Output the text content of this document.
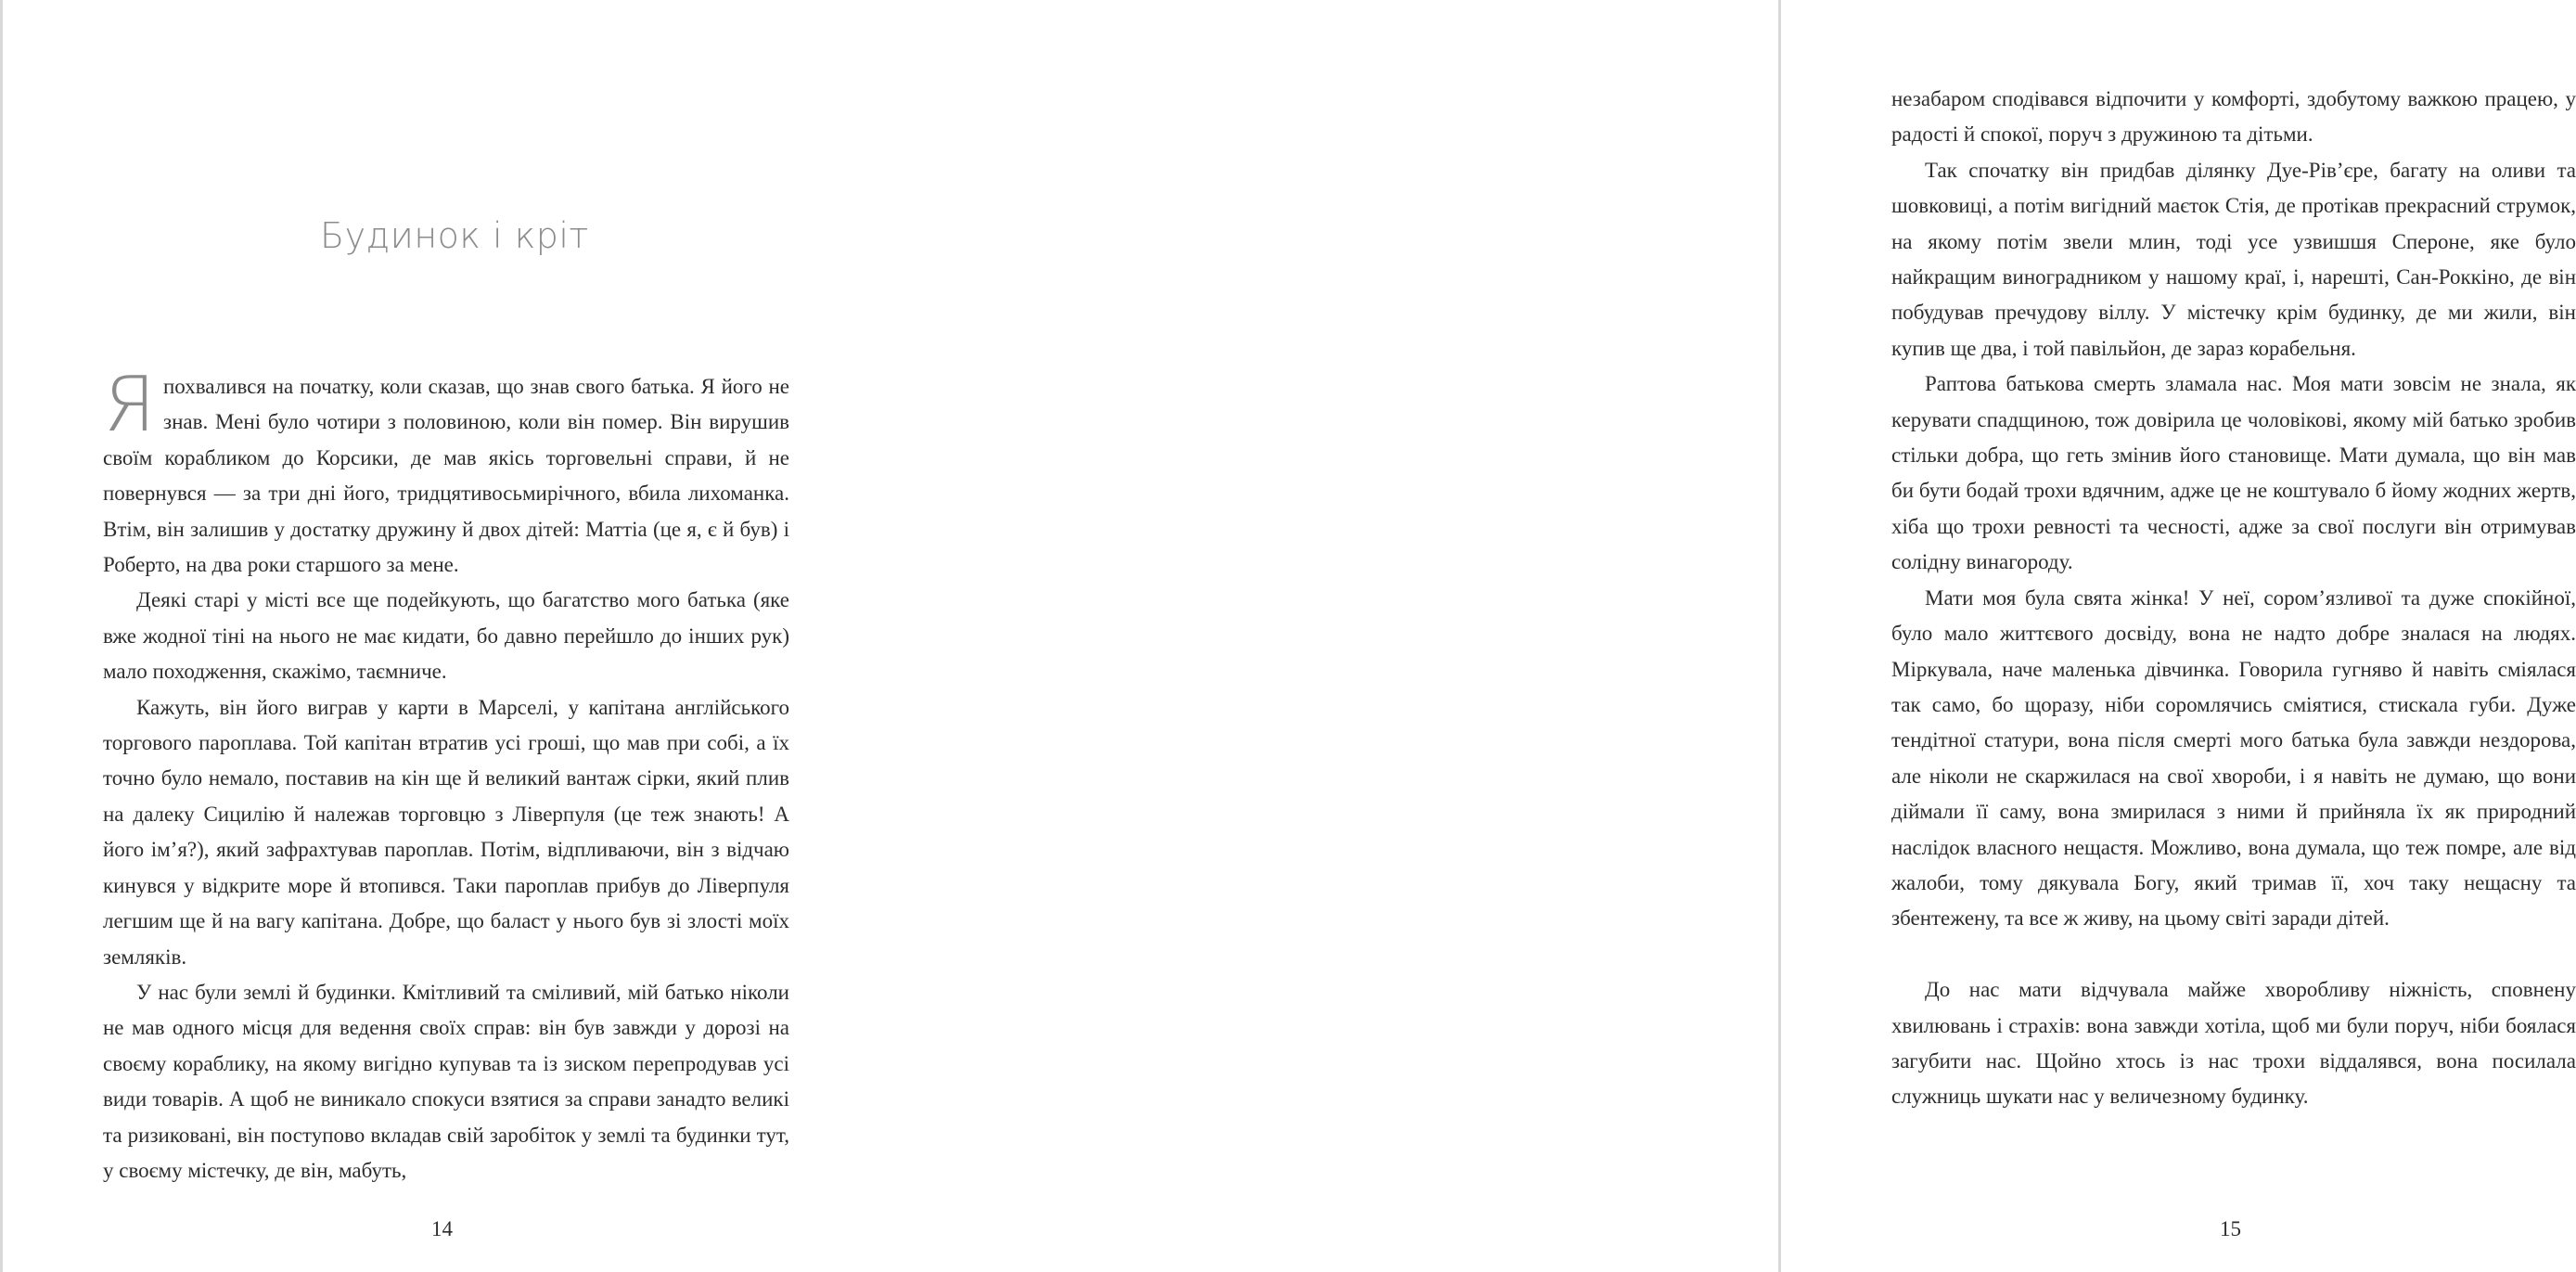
Будинок і кріт

Я похвалився на початку, коли сказав, що знав свого батька. Я його не знав. Мені було чотири з половиною, коли він помер. Він вирушив своїм корабликом до Корсики, де мав якісь торговельні справи, й не повернувся — за три дні його, тридцятивосьмирічного, вбила лихоманка. Втім, він залишив у достатку дружину й двох дітей: Маттіа (це я, є й був) і Роберто, на два роки старшого за мене.

Деякі старі у місті все ще подейкують, що багатство мого батька (яке вже жодної тіні на нього не має кидати, бо давно перейшло до інших рук) мало походження, скажімо, таємниче.

Кажуть, він його виграв у карти в Марселі, у капітана англійського торгового пароплава. Той капітан втратив усі гроші, що мав при собі, а їх точно було немало, поставив на кін ще й великий вантаж сірки, який плив на далеку Сицилію й належав торговцю з Ліверпуля (це теж знають! А його ім’я?), який зафрахтував пароплав. Потім, відпливаючи, він з відчаю кинувся у відкрите море й втопився. Таки пароплав прибув до Ліверпуля легшим ще й на вагу капітана. Добре, що баласт у нього був зі злості моїх земляків.

У нас були землі й будинки. Кмітливий та сміливий, мій батько ніколи не мав одного місця для ведення своїх справ: він був завжди у дорозі на своєму кораблику, на якому вигідно купував та із зиском перепродував усі види товарів. А щоб не виникало спокуси взятися за справи занадто великі та ризиковані, він поступово вкладав свій заробіток у землі та будинки тут, у своєму містечку, де він, мабуть,

14

незабаром сподівався відпочити у комфорті, здобутому важкою працею, у радості й спокої, поруч з дружиною та дітьми.

Так спочатку він придбав ділянку Дуе-Рів’єре, багату на оливи та шовковиці, а потім вигідний маєток Стія, де протікав прекрасний струмок, на якому потім звели млин, тоді усе узвишшя Спероне, яке було найкращим виноградником у нашому краї, і, нарешті, Сан-Роккіно, де він побудував пречудову віллу. У містечку крім будинку, де ми жили, він купив ще два, і той павільйон, де зараз корабельня.

Раптова батькова смерть зламала нас. Моя мати зовсім не знала, як керувати спадщиною, тож довірила це чоловікові, якому мій батько зробив стільки добра, що геть змінив його становище. Мати думала, що він мав би бути бодай трохи вдячним, адже це не коштувало б йому жодних жертв, хіба що трохи ревності та чесності, адже за свої послуги він отримував солідну винагороду.

Мати моя була свята жінка! У неї, сором’язливої та дуже спокійної, було мало життєвого досвіду, вона не надто добре зналася на людях. Міркувала, наче маленька дівчинка. Говорила гугняво й навіть сміялася так само, бо щоразу, ніби соромлячись сміятися, стискала губи. Дуже тендітної статури, вона після смерті мого батька була завжди нездорова, але ніколи не скаржилася на свої хвороби, і я навіть не думаю, що вони діймали її саму, вона змирилася з ними й прийняла їх як природний наслідок власного нещастя. Можливо, вона думала, що теж помре, але від жалоби, тому дякувала Богу, який тримав її, хоч таку нещасну та збентежену, та все ж живу, на цьому світі заради дітей.

До нас мати відчувала майже хворобливу ніжність, сповнену хвилювань і страхів: вона завжди хотіла, щоб ми були поруч, ніби боялася загубити нас. Щойно хтось із нас трохи віддалявся, вона посилала служниць шукати нас у величезному будинку.

15
